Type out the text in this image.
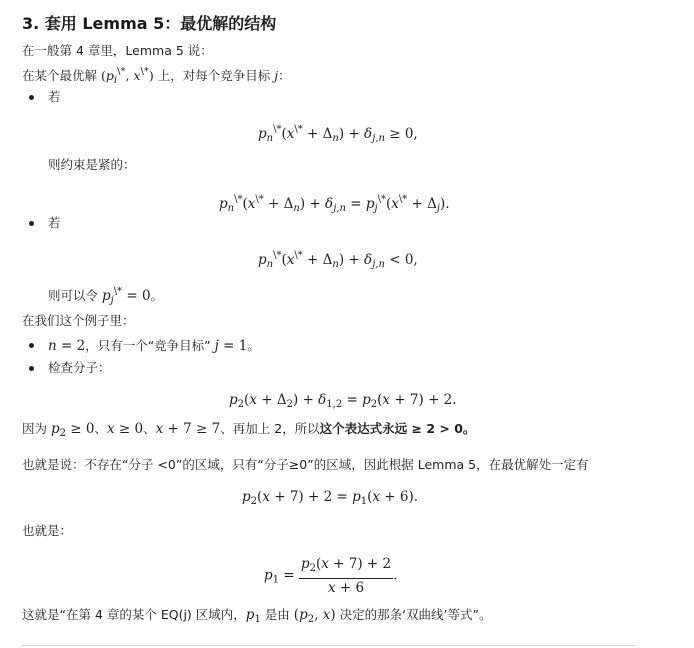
3. 套用 Lemma 5：最优解的结构
在一般第 4 章里，Lemma 5 说：
在某个最优解 ($p_i^{\backslash*}$, x\*) 上，对每个竞争目标 j：
若
$p_n^{\backslash*}(x^{\backslash*} + \Delta_n) + \delta_{j,n} \ge 0$,
则约束是紧的：
$p_n^{\backslash*}(x^{\backslash*} + \Delta_n) + \delta_{j,n} = p_j^{\backslash*}(x^{\backslash*} + \Delta_j)$.
若
$p_n^{\backslash*}(x^{\backslash*} + \Delta_n) + \delta_{j,n} < 0$,
则可以令 $p_j^{\backslash*} = 0$。
在我们这个例子里：
n = 2，只有一个“竞争目标” j = 1。
检查分子：
$p_2(x + \Delta_2) + \delta_{1,2} = p_2(x + 7) + 2$.
因为 $p_2 \ge 0$、x ≥ 0、x + 7 ≥ 7、再加上 2，所以这个表达式永远 ≥ 2 > 0。
也就是说：不存在“分子 <0”的区域，只有“分子≥0”的区域，因此根据 Lemma 5，在最优解处一定有
$p_2(x + 7) + 2 = p_1(x + 6)$.
也就是：
$p_1 = \frac{p_2(x + 7) + 2}{x + 6}$ .
这就是“在第 4 章的某个 EQ(j) 区域内，$p_1$ 是由 ($p_2$, x) 决定的那条‘双曲线’等式”。
